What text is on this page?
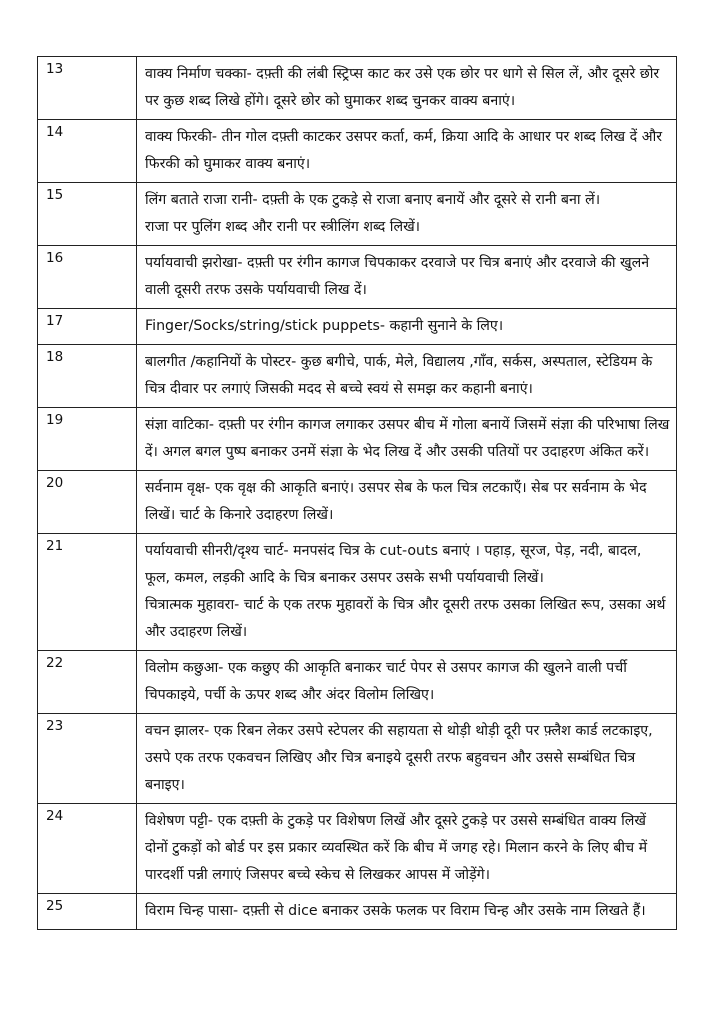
13	वाक्य निर्माण चक्का- दफ़्ती की लंबी स्ट्रिप्स काट कर उसे एक छोर पर धागे से सिल लें, और दूसरे छोर पर कुछ शब्द लिखे होंगे। दूसरे छोर को घुमाकर शब्द चुनकर वाक्य बनाएं।

14	वाक्य फिरकी- तीन गोल दफ़्ती काटकर उसपर कर्ता, कर्म, क्रिया आदि के आधार पर शब्द लिख दें और फिरकी को घुमाकर वाक्य बनाएं।

15	लिंग बताते राजा रानी- दफ़्ती के एक टुकड़े से राजा बनाए बनायें और दूसरे से रानी बना लें।
राजा पर पुलिंग शब्द और रानी पर स्त्रीलिंग शब्द लिखें।

16	पर्यायवाची झरोखा- दफ़्ती पर रंगीन कागज चिपकाकर दरवाजे पर चित्र बनाएं और दरवाजे की खुलने वाली दूसरी तरफ उसके पर्यायवाची लिख दें।

17	Finger/Socks/string/stick puppets- कहानी सुनाने के लिए।

18	बालगीत /कहानियों के पोस्टर- कुछ बगीचे, पार्क, मेले, विद्यालय ,गाँव, सर्कस, अस्पताल, स्टेडियम के चित्र दीवार पर लगाएं जिसकी मदद से बच्चे स्वयं से समझ कर कहानी बनाएं।

19	संज्ञा वाटिका- दफ़्ती पर रंगीन कागज लगाकर उसपर बीच में गोला बनायें जिसमें संज्ञा की परिभाषा लिख दें। अगल बगल पुष्प बनाकर उनमें संज्ञा के भेद लिख दें और उसकी पतियों पर उदाहरण अंकित करें।

20	सर्वनाम वृक्ष- एक वृक्ष की आकृति बनाएं। उसपर सेब के फल चित्र लटकाएँ। सेब पर सर्वनाम के भेद लिखें। चार्ट के किनारे उदाहरण लिखें।

21	पर्यायवाची सीनरी/दृश्य चार्ट- मनपसंद चित्र के cut-outs बनाएं । पहाड़, सूरज, पेड़, नदी, बादल, फूल, कमल, लड़की आदि के चित्र बनाकर उसपर उसके सभी पर्यायवाची लिखें।
चित्रात्मक मुहावरा- चार्ट के एक तरफ मुहावरों के चित्र और दूसरी तरफ उसका लिखित रूप, उसका अर्थ और उदाहरण लिखें।

22	विलोम कछुआ- एक कछुए की आकृति बनाकर चार्ट पेपर से उसपर कागज की खुलने वाली पर्ची चिपकाइये, पर्ची के ऊपर शब्द और अंदर विलोम लिखिए।

23	वचन झालर- एक रिबन लेकर उसपे स्टेपलर की सहायता से थोड़ी थोड़ी दूरी पर फ़्लैश कार्ड लटकाइए, उसपे एक तरफ एकवचन लिखिए और चित्र बनाइये दूसरी तरफ बहुवचन और उससे सम्बंधित चित्र बनाइए।

24	विशेषण पट्टी- एक दफ़्ती के टुकड़े पर विशेषण लिखें और दूसरे टुकड़े पर उससे सम्बंधित वाक्य लिखें दोनों टुकड़ों को बोर्ड पर इस प्रकार व्यवस्थित करें कि बीच में जगह रहे। मिलान करने के लिए बीच में पारदर्शी पन्नी लगाएं जिसपर बच्चे स्केच से लिखकर आपस में जोड़ेंगे।

25	विराम चिन्ह पासा- दफ़्ती से dice बनाकर उसके फलक पर विराम चिन्ह और उसके नाम लिखते हैं।
